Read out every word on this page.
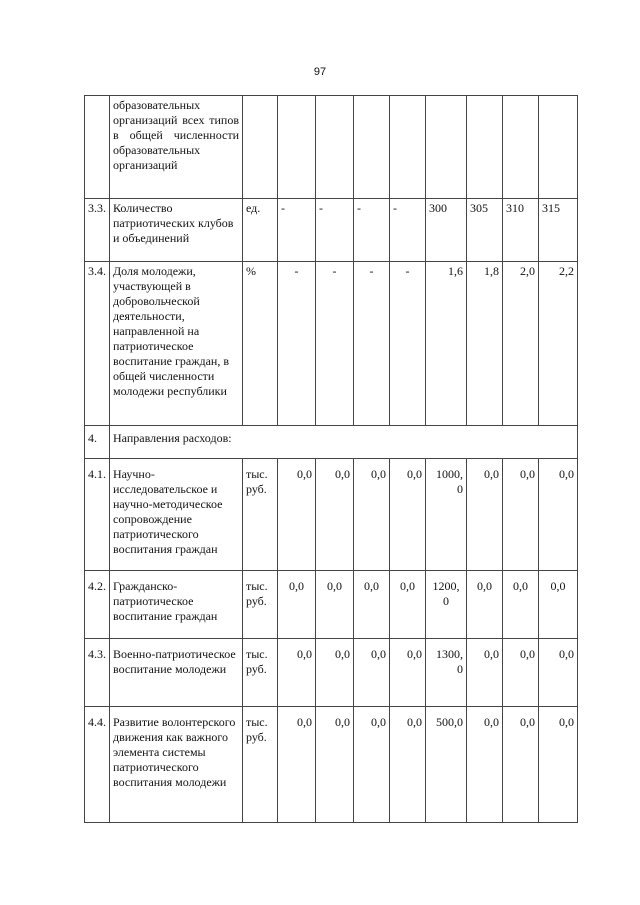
97

	образовательных организаций всех типов в общей численности образовательных организаций									

3.3.	Количество патриотических клубов и объединений	ед.	-	-	-	-	300	305	310	315
3.4.	Доля молодежи, участвующей в добровольческой деятельности, направленной на патриотическое воспитание граждан, в общей численности молодежи республики	%	-	-	-	-	1,6	1,8	2,0	2,2
4.	Направления расходов:									
4.1.	Научно-исследовательское и научно-методическое сопровождение патриотического воспитания граждан	тыс. руб.	0,0	0,0	0,0	0,0	1000, 0	0,0	0,0	0,0
4.2.	Гражданско-патриотическое воспитание граждан	тыс. руб.	0,0	0,0	0,0	0,0	1200, 0	0,0	0,0	0,0
4.3.	Военно-патриотическое воспитание молодежи	тыс. руб.	0,0	0,0	0,0	0,0	1300, 0	0,0	0,0	0,0
4.4.	Развитие волонтерского движения как важного элемента системы патриотического воспитания молодежи	тыс. руб.	0,0	0,0	0,0	0,0	500,0	0,0	0,0	0,0
